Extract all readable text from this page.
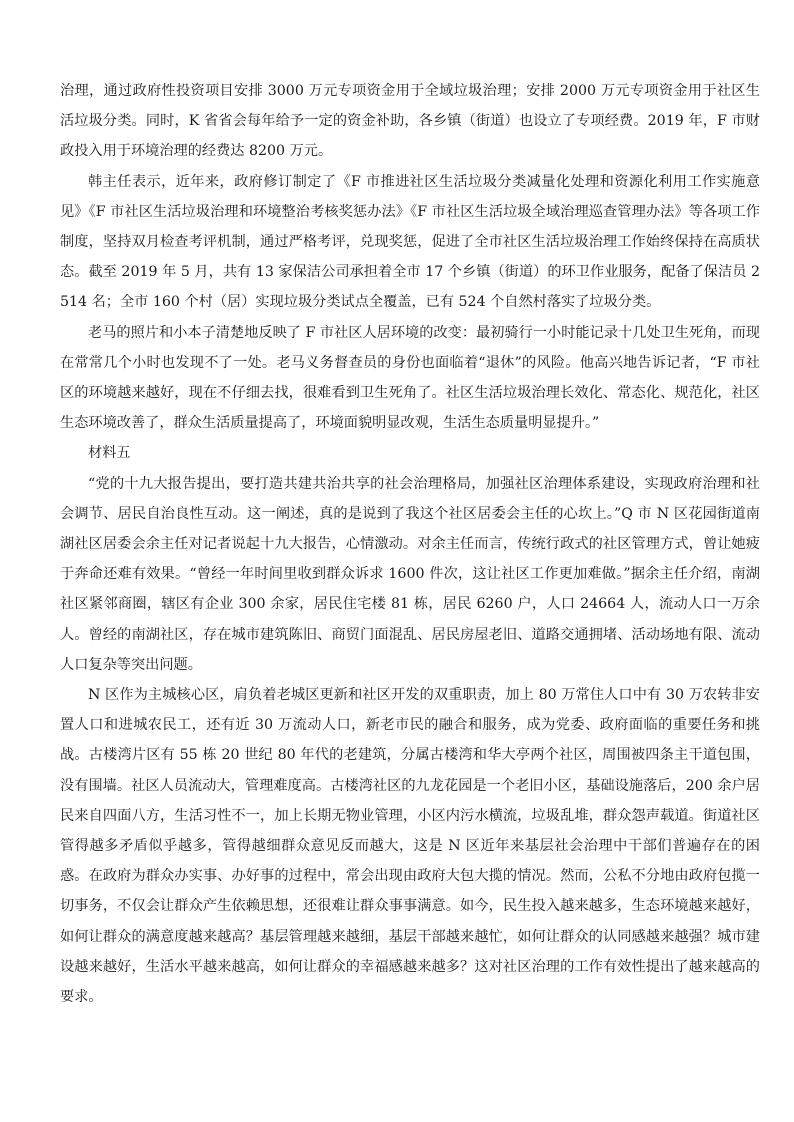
治理，通过政府性投资项目安排 3000 万元专项资金用于全域垃圾治理；安排 2000 万元专项资金用于社区生活垃圾分类。同时，K 省省会每年给予一定的资金补助，各乡镇（街道）也设立了专项经费。2019 年，F 市财政投入用于环境治理的经费达 8200 万元。

韩主任表示，近年来，政府修订制定了《F 市推进社区生活垃圾分类减量化处理和资源化利用工作实施意见》《F 市社区生活垃圾治理和环境整治考核奖惩办法》《F 市社区生活垃圾全域治理巡查管理办法》等各项工作制度，坚持双月检查考评机制，通过严格考评，兑现奖惩，促进了全市社区生活垃圾治理工作始终保持在高质状态。截至 2019 年 5 月，共有 13 家保洁公司承担着全市 17 个乡镇（街道）的环卫作业服务，配备了保洁员 2514 名；全市 160 个村（居）实现垃圾分类试点全覆盖，已有 524 个自然村落实了垃圾分类。

老马的照片和小本子清楚地反映了 F 市社区人居环境的改变：最初骑行一小时能记录十几处卫生死角，而现在常常几个小时也发现不了一处。老马义务督查员的身份也面临着“退休”的风险。他高兴地告诉记者，“F 市社区的环境越来越好，现在不仔细去找，很难看到卫生死角了。社区生活垃圾治理长效化、常态化、规范化，社区生态环境改善了，群众生活质量提高了，环境面貌明显改观，生活生态质量明显提升。”

材料五

“党的十九大报告提出，要打造共建共治共享的社会治理格局，加强社区治理体系建设，实现政府治理和社会调节、居民自治良性互动。这一阐述，真的是说到了我这个社区居委会主任的心坎上。”Q 市 N 区花园街道南湖社区居委会余主任对记者说起十九大报告，心情激动。对余主任而言，传统行政式的社区管理方式，曾让她疲于奔命还难有效果。“曾经一年时间里收到群众诉求 1600 件次，这让社区工作更加难做。”据余主任介绍，南湖社区紧邻商圈，辖区有企业 300 余家，居民住宅楼 81 栋，居民 6260 户，人口 24664 人，流动人口一万余人。曾经的南湖社区，存在城市建筑陈旧、商贸门面混乱、居民房屋老旧、道路交通拥堵、活动场地有限、流动人口复杂等突出问题。

N 区作为主城核心区，肩负着老城区更新和社区开发的双重职责，加上 80 万常住人口中有 30 万农转非安置人口和进城农民工，还有近 30 万流动人口，新老市民的融合和服务，成为党委、政府面临的重要任务和挑战。古楼湾片区有 55 栋 20 世纪 80 年代的老建筑，分属古楼湾和华大亭两个社区，周围被四条主干道包围，没有围墙。社区人员流动大，管理难度高。古楼湾社区的九龙花园是一个老旧小区，基础设施落后，200 余户居民来自四面八方，生活习性不一，加上长期无物业管理，小区内污水横流，垃圾乱堆，群众怨声载道。街道社区管得越多矛盾似乎越多，管得越细群众意见反而越大，这是 N 区近年来基层社会治理中干部们普遍存在的困惑。在政府为群众办实事、办好事的过程中，常会出现由政府大包大揽的情况。然而，公私不分地由政府包揽一切事务，不仅会让群众产生依赖思想，还很难让群众事事满意。如今，民生投入越来越多，生态环境越来越好，如何让群众的满意度越来越高？基层管理越来越细，基层干部越来越忙，如何让群众的认同感越来越强？城市建设越来越好，生活水平越来越高，如何让群众的幸福感越来越多？这对社区治理的工作有效性提出了越来越高的要求。
